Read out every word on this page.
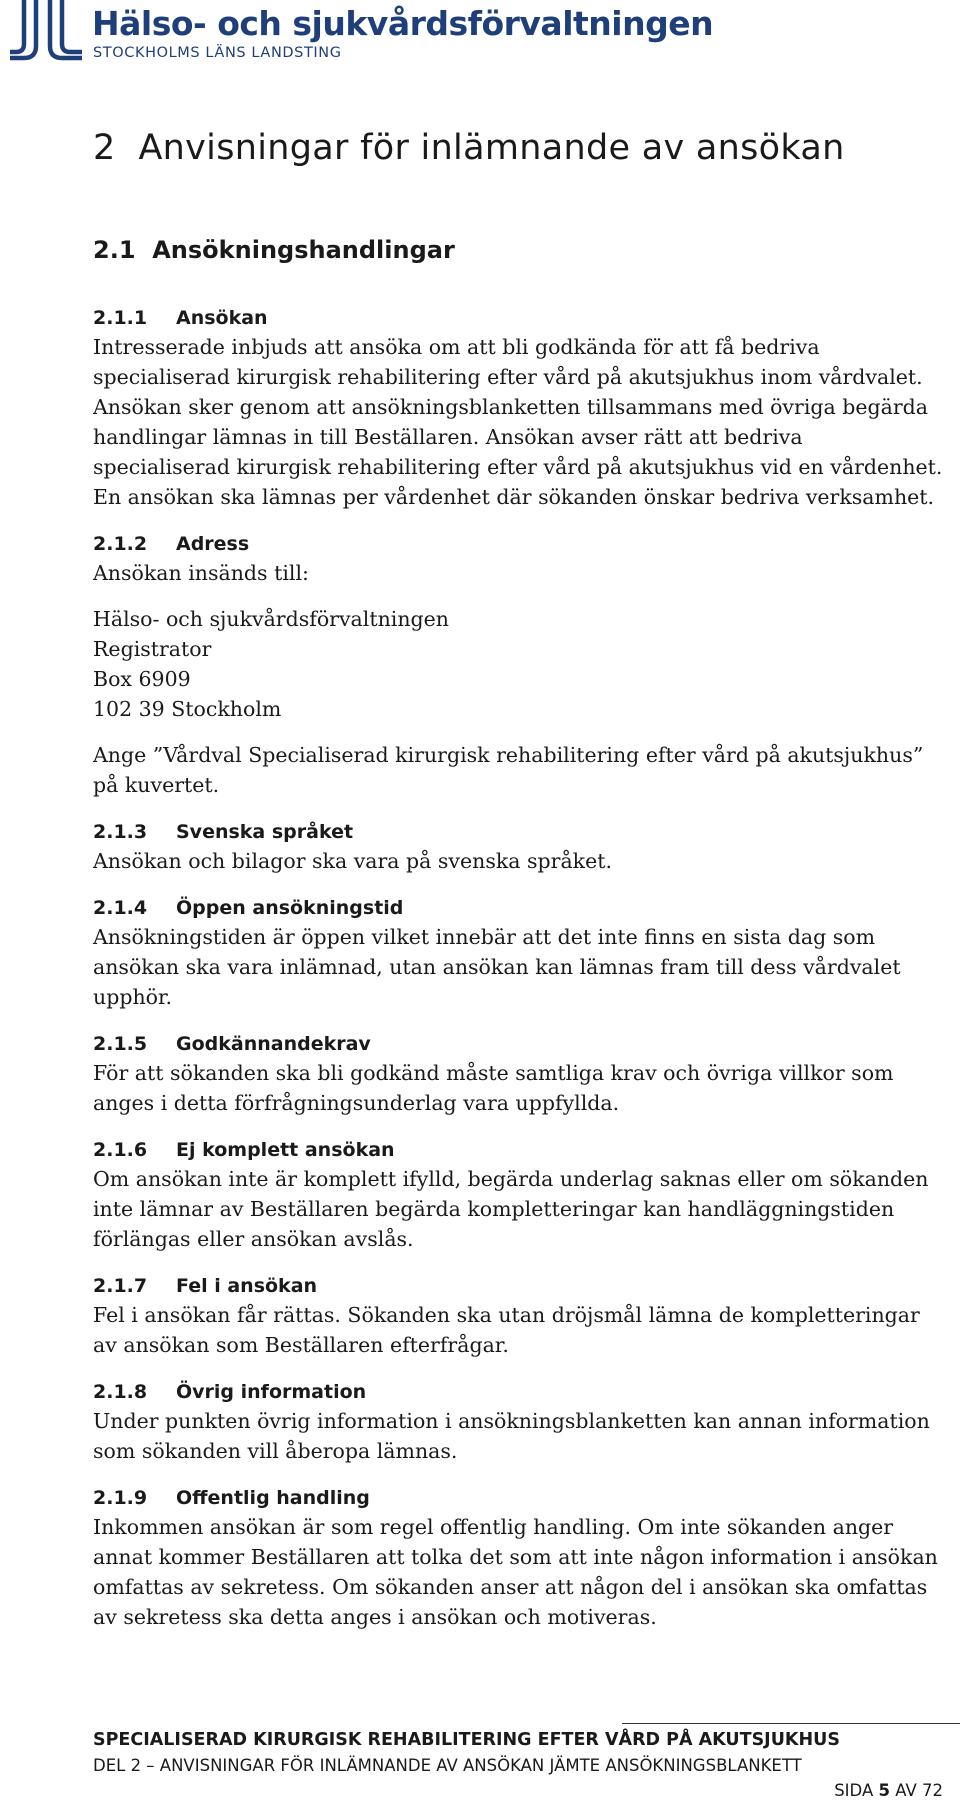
Hälso- och sjukvårdsförvaltningen
STOCKHOLMS LÄNS LANDSTING
2 Anvisningar för inlämnande av ansökan
2.1 Ansökningshandlingar
2.1.1 Ansökan

Intresserade inbjuds att ansöka om att bli godkända för att få bedriva specialiserad kirurgisk rehabilitering efter vård på akutsjukhus inom vårdvalet. Ansökan sker genom att ansökningsblanketten tillsammans med övriga begärda handlingar lämnas in till Beställaren. Ansökan avser rätt att bedriva specialiserad kirurgisk rehabilitering efter vård på akutsjukhus vid en vårdenhet. En ansökan ska lämnas per vårdenhet där sökanden önskar bedriva verksamhet.

2.1.2 Adress

Ansökan insänds till:

Hälso- och sjukvårdsförvaltningen

Registrator

Box 6909

102 39 Stockholm

Ange ”Vårdval Specialiserad kirurgisk rehabilitering efter vård på akutsjukhus” på kuvertet.

2.1.3 Svenska språket

Ansökan och bilagor ska vara på svenska språket.

2.1.4 Öppen ansökningstid

Ansökningstiden är öppen vilket innebär att det inte finns en sista dag som ansökan ska vara inlämnad, utan ansökan kan lämnas fram till dess vårdvalet upphör.

2.1.5 Godkännandekrav

För att sökanden ska bli godkänd måste samtliga krav och övriga villkor som anges i detta förfrågningsunderlag vara uppfyllda.

2.1.6 Ej komplett ansökan

Om ansökan inte är komplett ifylld, begärda underlag saknas eller om sökanden inte lämnar av Beställaren begärda kompletteringar kan handläggningstiden förlängas eller ansökan avslås.

2.1.7 Fel i ansökan

Fel i ansökan får rättas. Sökanden ska utan dröjsmål lämna de kompletteringar av ansökan som Beställaren efterfrågar.

2.1.8 Övrig information

Under punkten övrig information i ansökningsblanketten kan annan information som sökanden vill åberopa lämnas.

2.1.9 Offentlig handling

Inkommen ansökan är som regel offentlig handling. Om inte sökanden anger annat kommer Beställaren att tolka det som att inte någon information i ansökan omfattas av sekretess. Om sökanden anser att någon del i ansökan ska omfattas av sekretess ska detta anges i ansökan och motiveras.

SPECIALISERAD KIRURGISK REHABILITERING EFTER VÅRD PÅ AKUTSJUKHUS
DEL 2 – ANVISNINGAR FÖR INLÄMNANDE AV ANSÖKAN JÄMTE ANSÖKNINGSBLANKETT
SIDA 5 AV 72
